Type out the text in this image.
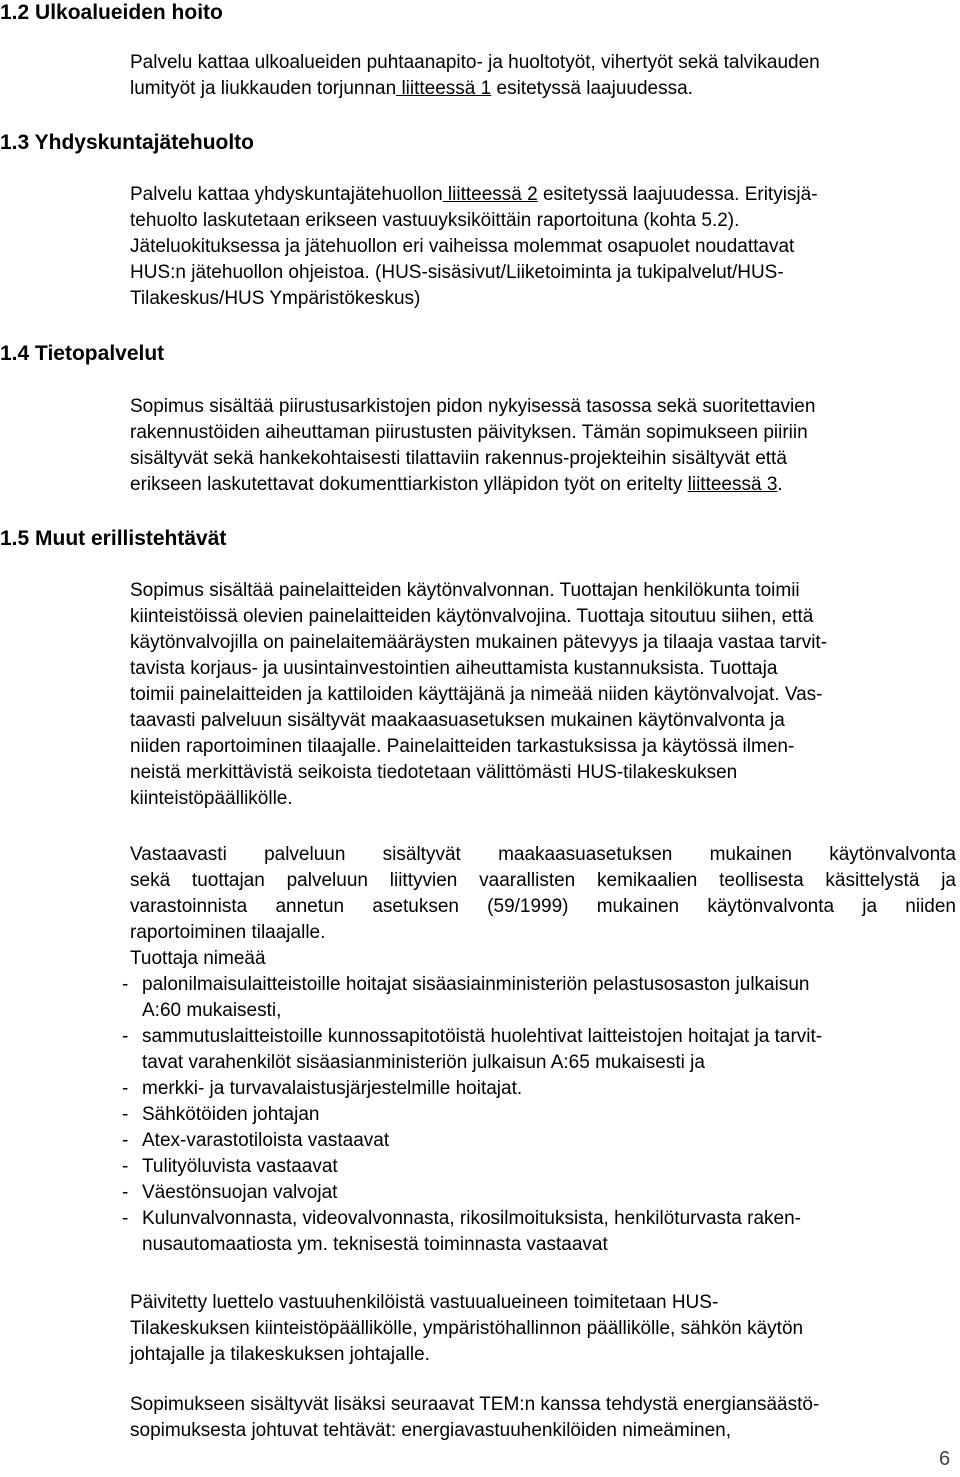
1.2 Ulkoalueiden hoito
1.3 Yhdyskuntajätehuolto
1.4 Tietopalvelut
1.5 Muut erillistehtävät
Palvelu kattaa ulkoalueiden puhtaanapito- ja huoltotyöt, vihertyöt sekä talvikauden
lumityöt ja liukkauden torjunnan liitteessä 1 esitetyssä laajuudessa.
Palvelu kattaa yhdyskuntajätehuollon liitteessä 2 esitetyssä laajuudessa. Erityisjä-
tehuolto laskutetaan erikseen vastuuyksiköittäin raportoituna (kohta 5.2).
Jäteluokituksessa ja jätehuollon eri vaiheissa molemmat osapuolet noudattavat
HUS:n jätehuollon ohjeistoa. (HUS-sisäsivut/Liiketoiminta ja tukipalvelut/HUS-
Tilakeskus/HUS Ympäristökeskus)
Sopimus sisältää piirustusarkistojen pidon nykyisessä tasossa sekä suoritettavien
rakennustöiden aiheuttaman piirustusten päivityksen. Tämän sopimukseen piiriin
sisältyvät sekä hankekohtaisesti tilattaviin rakennus-projekteihin sisältyvät että
erikseen laskutettavat dokumenttiarkiston ylläpidon työt on eritelty liitteessä 3.
Sopimus sisältää painelaitteiden käytönvalvonnan. Tuottajan henkilökunta toimii
kiinteistöissä olevien painelaitteiden käytönvalvojina. Tuottaja sitoutuu siihen, että
käytönvalvojilla on painelaitemääräysten mukainen pätevyys ja tilaaja vastaa tarvit-
tavista korjaus- ja uusintainvestointien aiheuttamista kustannuksista. Tuottaja
toimii painelaitteiden ja kattiloiden käyttäjänä ja nimeää niiden käytönvalvojat. Vas-
taavasti palveluun sisältyvät maakaasuasetuksen mukainen käytönvalvonta ja
niiden raportoiminen tilaajalle. Painelaitteiden tarkastuksissa ja käytössä ilmen-
neistä merkittävistä seikoista tiedotetaan välittömästi HUS-tilakeskuksen
kiinteistöpäällikölle.
Vastaavasti palveluun sisältyvät maakaasuasetuksen mukainen käytönvalvonta
sekä tuottajan palveluun liittyvien vaarallisten kemikaalien teollisesta käsittelystä ja
varastoinnista annetun asetuksen (59/1999) mukainen käytönvalvonta ja niiden
raportoiminen tilaajalle.
Tuottaja nimeää
- palonilmaisulaitteistoille hoitajat sisäasiainministeriön pelastusosaston julkaisun
A:60 mukaisesti,
- sammutuslaitteistoille kunnossapitotöistä huolehtivat laitteistojen hoitajat ja tarvit-
tavat varahenkilöt sisäasianministeriön julkaisun A:65 mukaisesti ja
- merkki- ja turvavalaistusjärjestelmille hoitajat.
- Sähkötöiden johtajan
- Atex-varastotiloista vastaavat
- Tulityöluvista vastaavat
- Väestönsuojan valvojat
- Kulunvalvonnasta, videovalvonnasta, rikosilmoituksista, henkilöturvasta raken-
nusautomaatiosta ym. teknisestä toiminnasta vastaavat
Päivitetty luettelo vastuuhenkilöistä vastuualueineen toimitetaan HUS-
Tilakeskuksen kiinteistöpäällikölle, ympäristöhallinnon päällikölle, sähkön käytön
johtajalle ja tilakeskuksen johtajalle.
Sopimukseen sisältyvät lisäksi seuraavat TEM:n kanssa tehdystä energiansäästö-
sopimuksesta johtuvat tehtävät: energiavastuuhenkilöiden nimeäminen,
6
